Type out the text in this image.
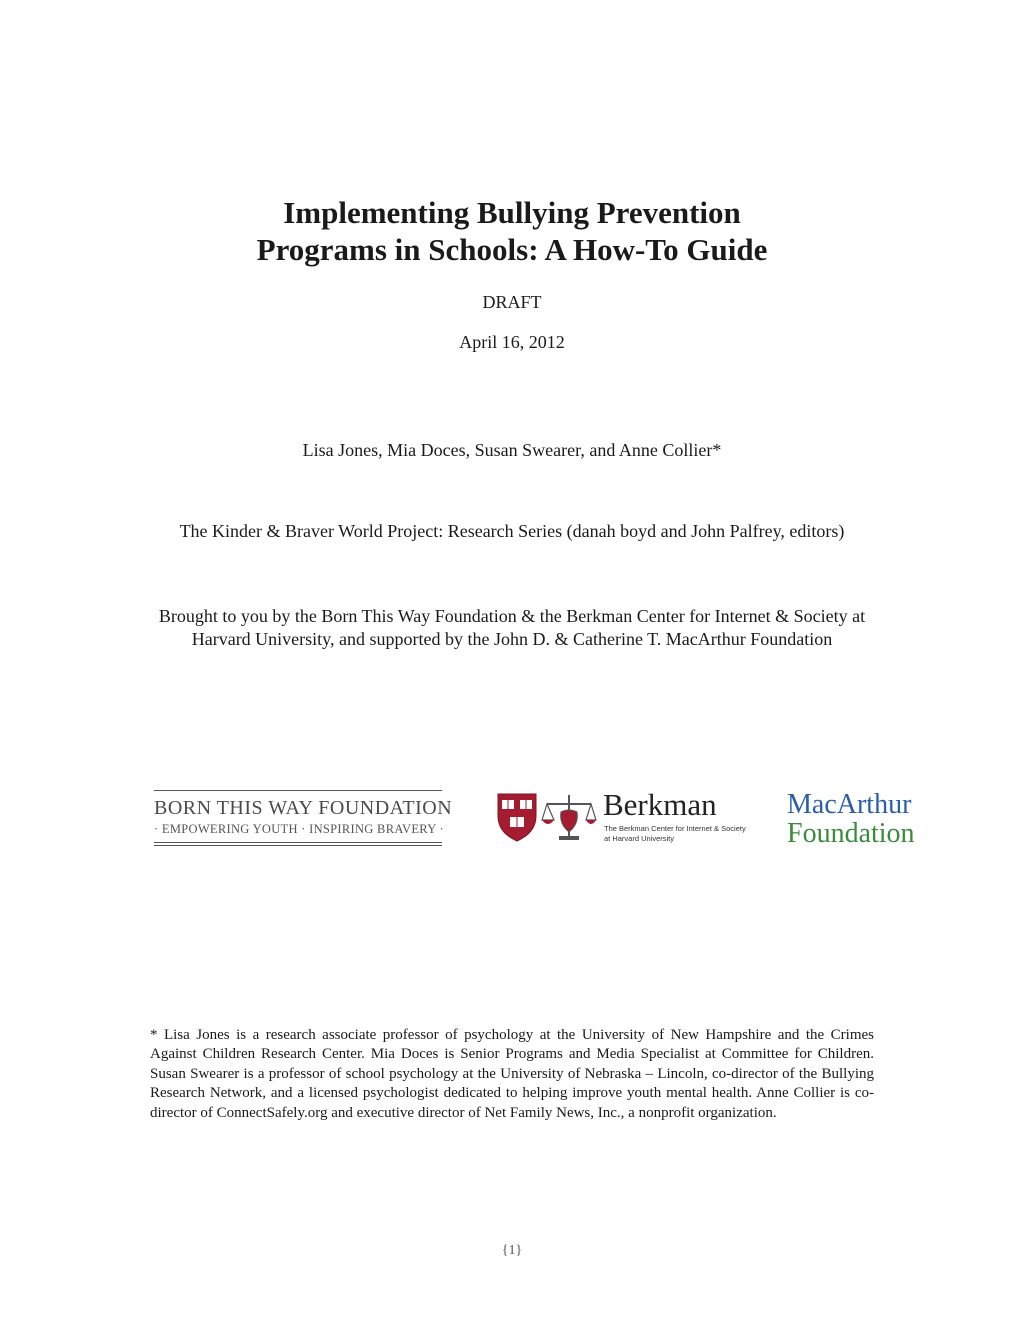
Implementing Bullying Prevention
Programs in Schools: A How-To Guide
DRAFT
April 16, 2012
Lisa Jones, Mia Doces, Susan Swearer, and Anne Collier*
The Kinder & Braver World Project: Research Series (danah boyd and John Palfrey, editors)
Brought to you by the Born This Way Foundation & the Berkman Center for Internet & Society at Harvard University, and supported by the John D. & Catherine T. MacArthur Foundation
BORN THIS WAY FOUNDATION
· EMPOWERING YOUTH · INSPIRING BRAVERY ·
Berkman
The Berkman Center for Internet & Society
at Harvard University
MacArthur
Foundation
* Lisa Jones is a research associate professor of psychology at the University of New Hampshire and the Crimes Against Children Research Center. Mia Doces is Senior Programs and Media Specialist at Committee for Children. Susan Swearer is a professor of school psychology at the University of Nebraska – Lincoln, co-director of the Bullying Research Network, and a licensed psychologist dedicated to helping improve youth mental health. Anne Collier is co-director of ConnectSafely.org and executive director of Net Family News, Inc., a nonprofit organization.
{1}
